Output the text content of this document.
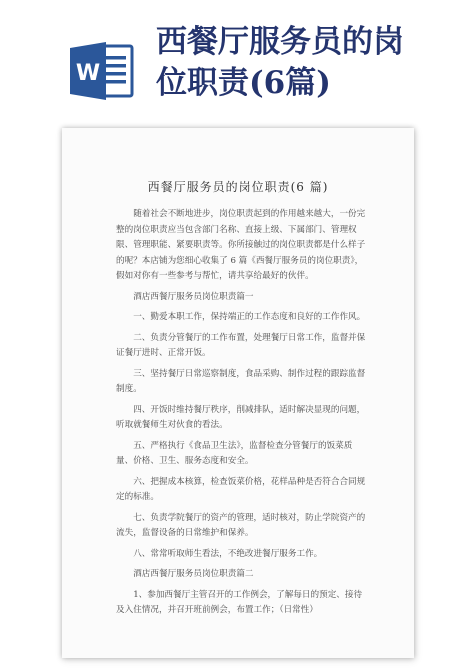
W
西餐厅服务员的岗
位职责(6篇)
西餐厅服务员的岗位职责(6 篇)

随着社会不断地进步，岗位职责起到的作用越来越大，一份完整的岗位职责应当包含部门名称、直接上级、下属部门、管理权限、管理职能、紧要职责等。你所接触过的岗位职责都是什么样子的呢？本店铺为您细心收集了 6 篇《西餐厅服务员的岗位职责》，假如对你有一些参考与帮忙，请共享给最好的伙伴。

酒店西餐厅服务员岗位职责篇一

一、勤爱本职工作，保持端正的工作态度和良好的工作作风。

二、负责分管餐厅的工作布置，处理餐厅日常工作，监督并保证餐厅进时、正常开饭。

三、坚持餐厅日常巡察制度，食品采购、制作过程的跟踪监督制度。

四、开饭时维持餐厅秩序，削减排队，适时解决显现的问题，听取就餐师生对伙食的看法。

五、严格执行《食品卫生法》，监督检查分管餐厅的饭菜质量、价格、卫生、服务态度和安全。

六、把握成本核算，检查饭菜价格，花样品种是否符合合同规定的标准。

七、负责学院餐厅的资产的管理，适时核对，防止学院资产的流失，监督设备的日常维护和保养。

八、常常听取师生看法，不绝改进餐厅服务工作。

酒店西餐厅服务员岗位职责篇二

1、参加西餐厅主管召开的工作例会，了解每日的预定、接待及入住情况，并召开班前例会，布置工作；（日常性）
